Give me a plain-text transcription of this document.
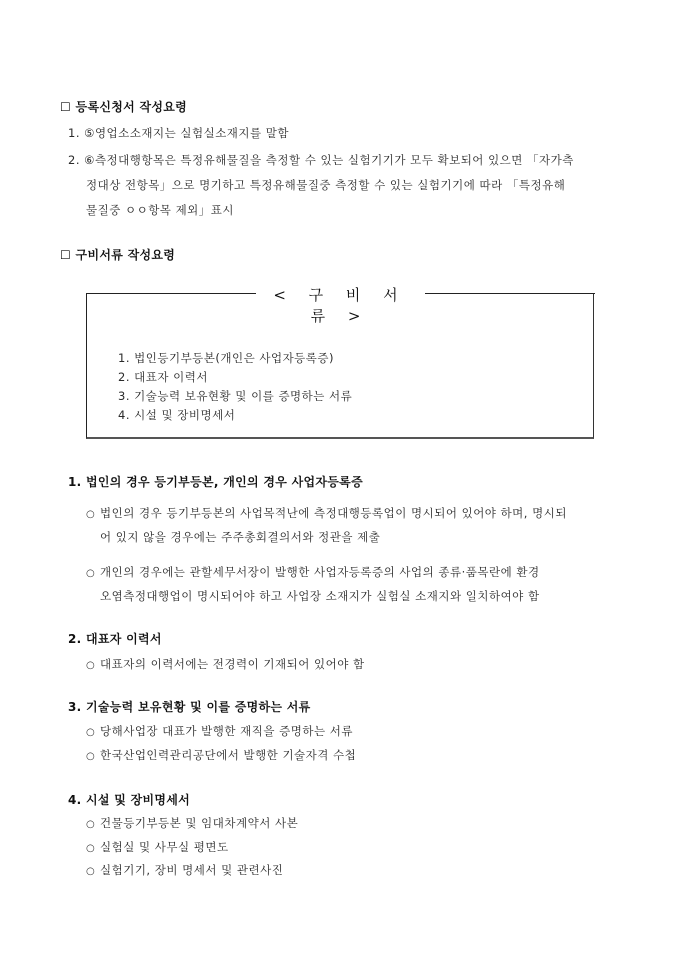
☐ 등록신청서 작성요령
1. ⑤영업소소재지는 실험실소재지를 말함
2. ⑥측정대행항목은 특정유해물질을 측정할 수 있는 실험기기가 모두 확보되어 있으면 「자가측
정대상 전항목」으로 명기하고 특정유해물질중 측정할 수 있는 실험기기에 따라 「특정유해
물질중 ㅇㅇ항목 제외」표시
☐ 구비서류 작성요령
< 구 비 서 류 >
1. 법인등기부등본(개인은 사업자등록증)
2. 대표자 이력서
3. 기술능력 보유현황 및 이를 증명하는 서류
4. 시설 및 장비명세서
1. 법인의 경우 등기부등본, 개인의 경우 사업자등록증
○ 법인의 경우 등기부등본의 사업목적난에 측정대행등록업이 명시되어 있어야 하며, 명시되
어 있지 않을 경우에는 주주총회결의서와 정관을 제출
○ 개인의 경우에는 관할세무서장이 발행한 사업자등록증의 사업의 종류·품목란에 환경
오염측정대행업이 명시되어야 하고 사업장 소재지가 실험실 소재지와 일치하여야 함
2. 대표자 이력서
○ 대표자의 이력서에는 전경력이 기재되어 있어야 함
3. 기술능력 보유현황 및 이를 증명하는 서류
○ 당해사업장 대표가 발행한 재직을 증명하는 서류
○ 한국산업인력관리공단에서 발행한 기술자격 수첩
4. 시설 및 장비명세서
○ 건물등기부등본 및 임대차계약서 사본
○ 실험실 및 사무실 평면도
○ 실험기기, 장비 명세서 및 관련사진
